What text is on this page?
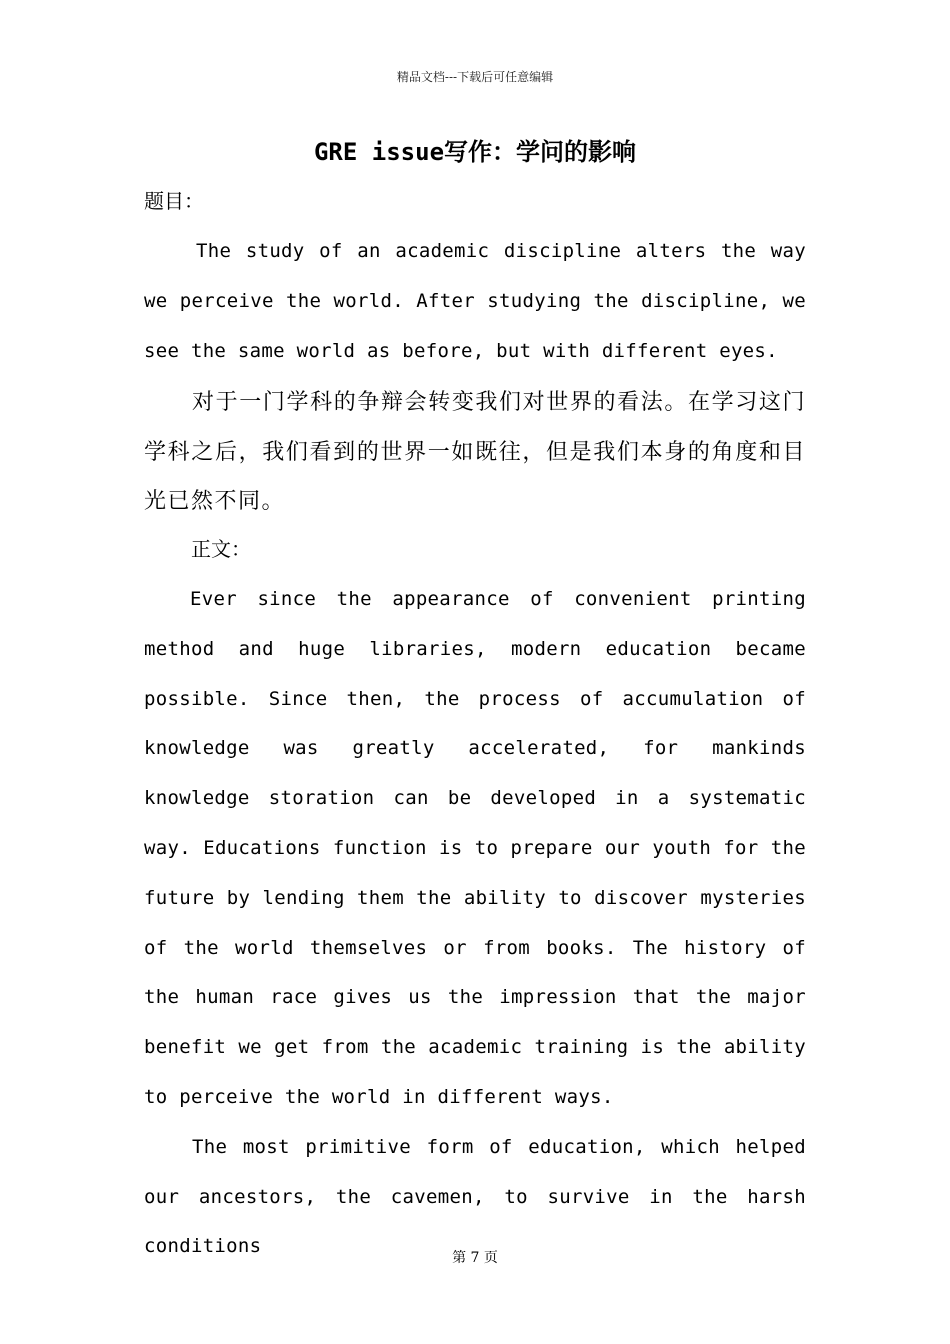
精品文档---下载后可任意编辑
GRE issue写作：学问的影响
题目：

The study of an academic discipline alters the way we perceive the world. After studying the discipline, we see the same world as before, but with different eyes.

对于一门学科的争辩会转变我们对世界的看法。在学习这门学科之后，我们看到的世界一如既往，但是我们本身的角度和目光已然不同。

正文：

Ever since the appearance of convenient printing method and huge libraries, modern education became possible. Since then, the process of accumulation of knowledge was greatly accelerated, for mankinds knowledge storation can be developed in a systematic way. Educations function is to prepare our youth for the future by lending them the ability to discover mysteries of the world themselves or from books. The history of the human race gives us the impression that the major benefit we get from the academic training is the ability to perceive the world in different ways.

The most primitive form of education, which helped our ancestors, the cavemen, to survive in the harsh conditions

第 7 页
